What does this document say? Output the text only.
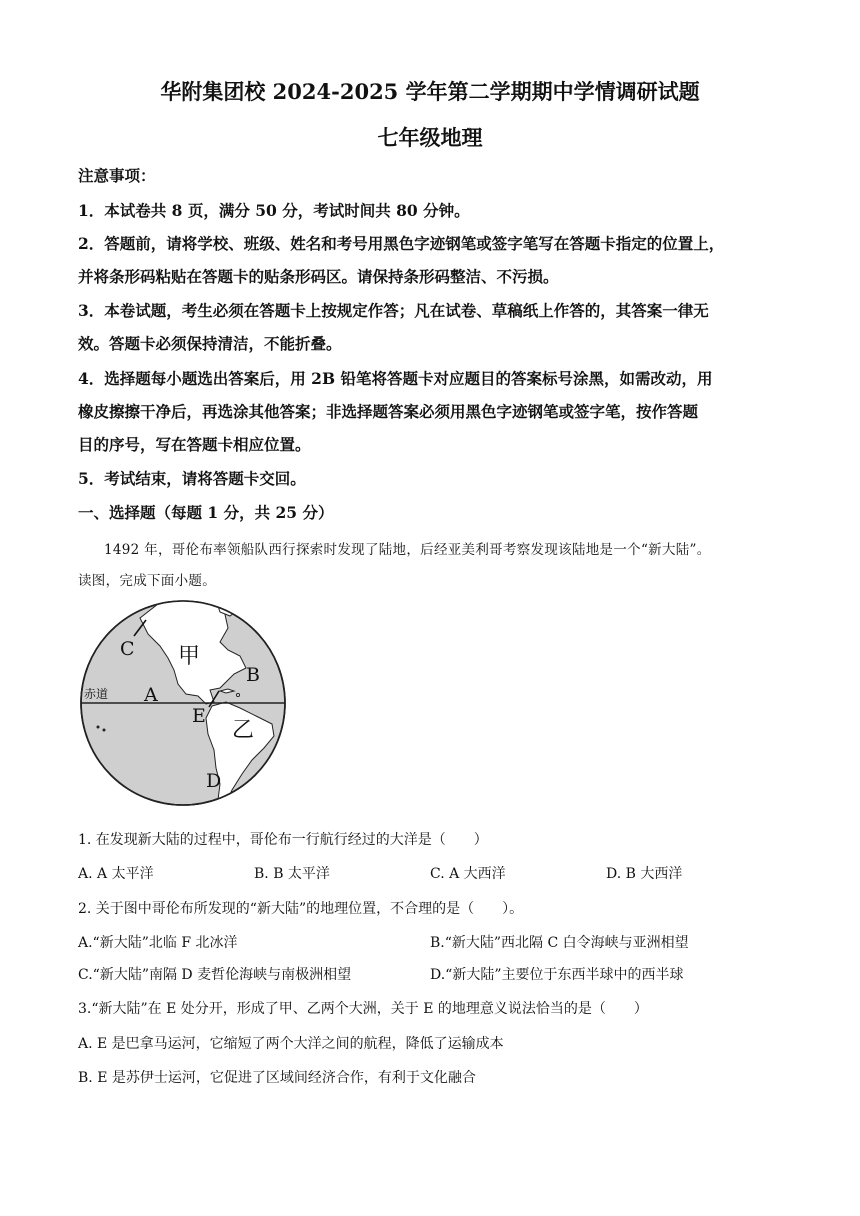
华附集团校 2024-2025 学年第二学期期中学情调研试题
七年级地理
注意事项：
1．本试卷共 8 页，满分 50 分，考试时间共 80 分钟。
2．答题前，请将学校、班级、姓名和考号用黑色字迹钢笔或签字笔写在答题卡指定的位置上，
并将条形码粘贴在答题卡的贴条形码区。请保持条形码整洁、不污损。
3．本卷试题，考生必须在答题卡上按规定作答；凡在试卷、草稿纸上作答的，其答案一律无
效。答题卡必须保持清洁，不能折叠。
4．选择题每小题选出答案后，用 2B 铅笔将答题卡对应题目的答案标号涂黑，如需改动，用
橡皮擦擦干净后，再选涂其他答案；非选择题答案必须用黑色字迹钢笔或签字笔，按作答题
目的序号，写在答题卡相应位置。
5．考试结束，请将答题卡交回。
一、选择题（每题 1 分，共 25 分）
1492 年，哥伦布率领船队西行探索时发现了陆地，后经亚美利哥考察发现该陆地是一个“新大陆”。
读图，完成下面小题。
C 甲
B
A
赤道
E
乙
D
1. 在发现新大陆的过程中，哥伦布一行航行经过的大洋是（　　）
A. A 太平洋	B. B 太平洋	C. A 大西洋	D. B 大西洋
2. 关于图中哥伦布所发现的“新大陆”的地理位置，不合理的是（　　）。
A.“新大陆”北临 F 北冰洋	B.“新大陆”西北隔 C 白令海峡与亚洲相望
C.“新大陆”南隔 D 麦哲伦海峡与南极洲相望	D.“新大陆”主要位于东西半球中的西半球
3.“新大陆”在 E 处分开，形成了甲、乙两个大洲，关于 E 的地理意义说法恰当的是（　　）
A. E 是巴拿马运河，它缩短了两个大洋之间的航程，降低了运输成本
B. E 是苏伊士运河，它促进了区域间经济合作，有利于文化融合
